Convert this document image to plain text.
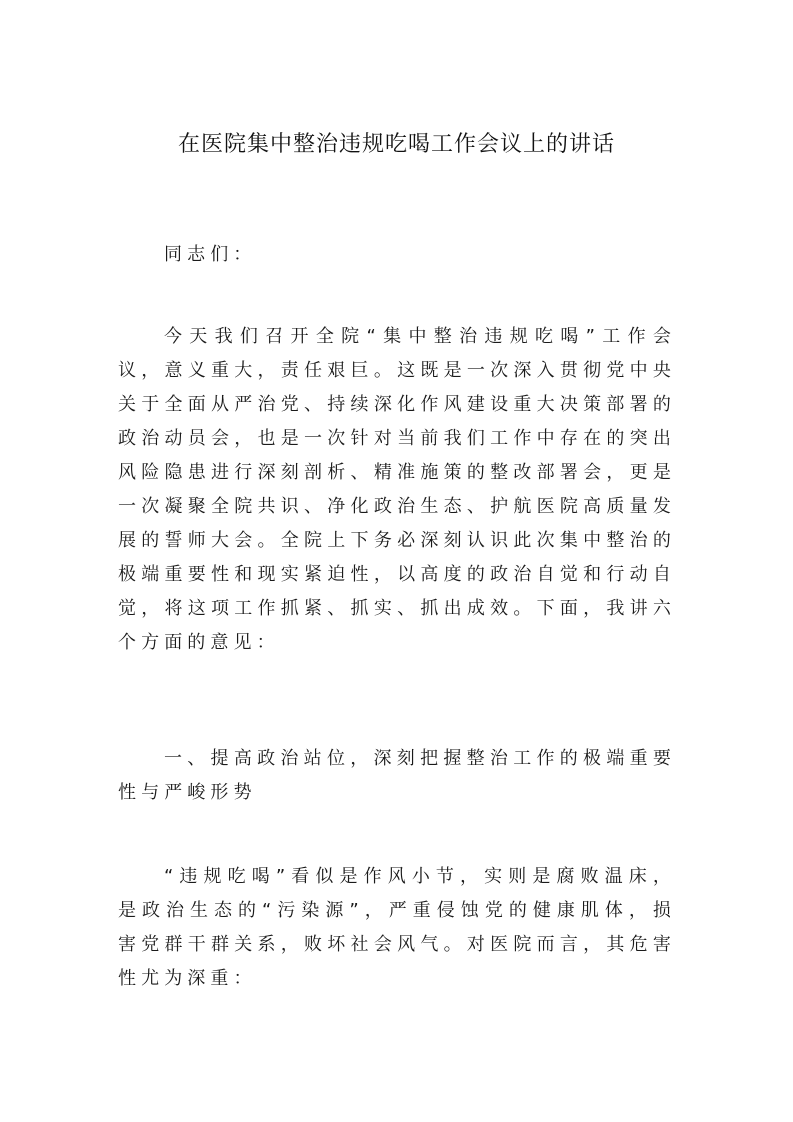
在医院集中整治违规吃喝工作会议上的讲话

同志们：

今天我们召开全院“集中整治违规吃喝”工作会议，意义重大，责任艰巨。这既是一次深入贯彻党中央关于全面从严治党、持续深化作风建设重大决策部署的政治动员会，也是一次针对当前我们工作中存在的突出风险隐患进行深刻剖析、精准施策的整改部署会，更是一次凝聚全院共识、净化政治生态、护航医院高质量发展的誓师大会。全院上下务必深刻认识此次集中整治的极端重要性和现实紧迫性，以高度的政治自觉和行动自觉，将这项工作抓紧、抓实、抓出成效。下面，我讲六个方面的意见：

一、提高政治站位，深刻把握整治工作的极端重要性与严峻形势

“违规吃喝”看似是作风小节，实则是腐败温床，是政治生态的“污染源”，严重侵蚀党的健康肌体，损害党群干群关系，败坏社会风气。对医院而言，其危害性尤为深重：
